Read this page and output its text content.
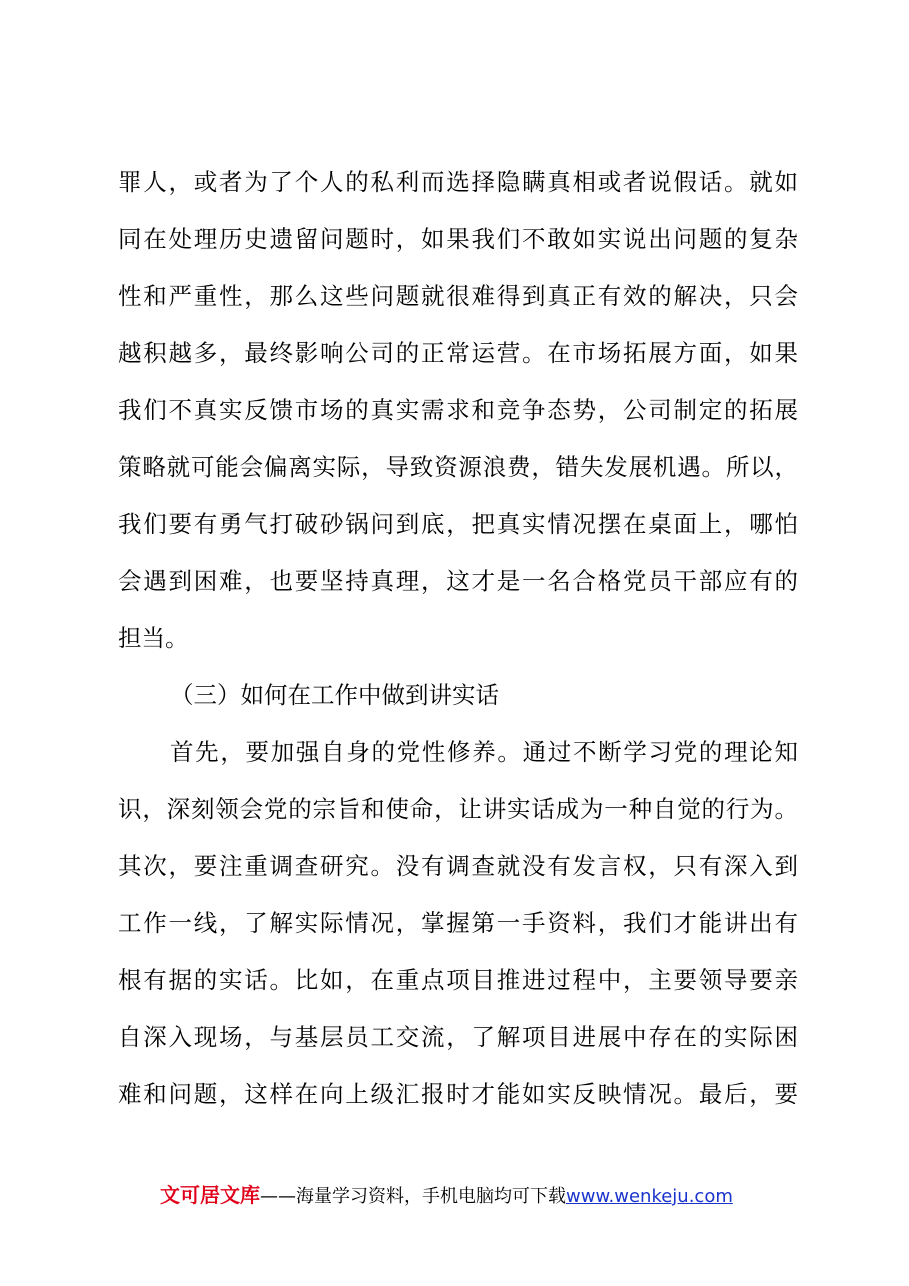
罪人，或者为了个人的私利而选择隐瞒真相或者说假话。就如
同在处理历史遗留问题时，如果我们不敢如实说出问题的复杂
性和严重性，那么这些问题就很难得到真正有效的解决，只会
越积越多，最终影响公司的正常运营。在市场拓展方面，如果
我们不真实反馈市场的真实需求和竞争态势，公司制定的拓展
策略就可能会偏离实际，导致资源浪费，错失发展机遇。所以，
我们要有勇气打破砂锅问到底，把真实情况摆在桌面上，哪怕
会遇到困难，也要坚持真理，这才是一名合格党员干部应有的
担当。
（三）如何在工作中做到讲实话
首先，要加强自身的党性修养。通过不断学习党的理论知
识，深刻领会党的宗旨和使命，让讲实话成为一种自觉的行为。
其次，要注重调查研究。没有调查就没有发言权，只有深入到
工作一线，了解实际情况，掌握第一手资料，我们才能讲出有
根有据的实话。比如，在重点项目推进过程中，主要领导要亲
自深入现场，与基层员工交流，了解项目进展中存在的实际困
难和问题，这样在向上级汇报时才能如实反映情况。最后，要
文可居文库——海量学习资料，手机电脑均可下载www.wenkeju.com
